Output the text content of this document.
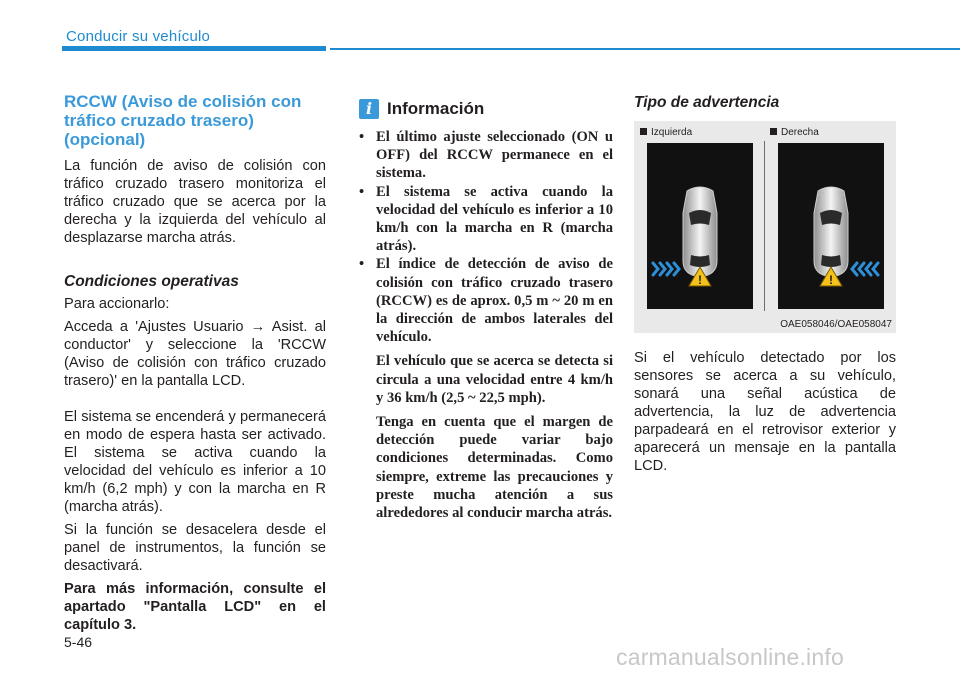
Conducir su vehículo
RCCW (Aviso de colisión con tráfico cruzado trasero) (opcional)

La función de aviso de colisión con tráfico cruzado trasero monitoriza el tráfico cruzado que se acerca por la derecha y la izquierda del vehículo al desplazarse marcha atrás.

Condiciones operativas

Para accionarlo:

Acceda a 'Ajustes Usuario → Asist. al conductor' y seleccione la 'RCCW (Aviso de colisión con tráfico cruzado trasero)' en la pantalla LCD.

El sistema se encenderá y permanecerá en modo de espera hasta ser activado. El sistema se activa cuando la velocidad del vehículo es inferior a 10 km/h (6,2 mph) y con la marcha en R (marcha atrás).

Si la función se desacelera desde el panel de instrumentos, la función se desactivará.

Para más información, consulte el apartado "Pantalla LCD" en el capítulo 3.

i Información
• El último ajuste seleccionado (ON u OFF) del RCCW permanece en el sistema.
• El sistema se activa cuando la velocidad del vehículo es inferior a 10 km/h con la marcha en R (marcha atrás).
• El índice de detección de aviso de colisión con tráfico cruzado trasero (RCCW) es de aprox. 0,5 m ~ 20 m en la dirección de ambos laterales del vehículo.
El vehículo que se acerca se detecta si circula a una velocidad entre 4 km/h y 36 km/h (2,5 ~ 22,5 mph).
Tenga en cuenta que el margen de detección puede variar bajo condiciones determinadas. Como siempre, extreme las precauciones y preste mucha atención a sus alrededores al conducir marcha atrás.
Tipo de advertencia
Izquierda	Derecha
!	!
OAE058046/OAE058047

Si el vehículo detectado por los sensores se acerca a su vehículo, sonará una señal acústica de advertencia, la luz de advertencia parpadeará en el retrovisor exterior y aparecerá un mensaje en la pantalla LCD.

5-46
carmanualsonline.info
